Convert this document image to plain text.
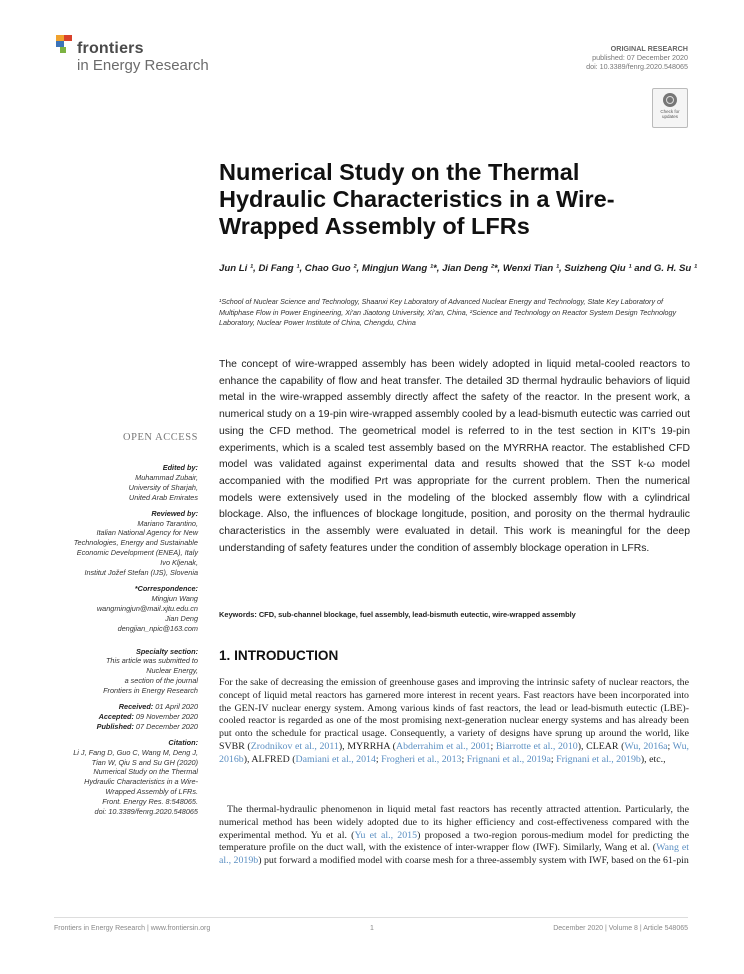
frontiers
in Energy Research
ORIGINAL RESEARCH
published: 07 December 2020
doi: 10.3389/fenrg.2020.548065
Check for updates
Numerical Study on the Thermal Hydraulic Characteristics in a Wire-Wrapped Assembly of LFRs
Jun Li ¹, Di Fang ¹, Chao Guo ², Mingjun Wang ¹*, Jian Deng ²*, Wenxi Tian ¹, Suizheng Qiu ¹ and G. H. Su ¹
¹School of Nuclear Science and Technology, Shaanxi Key Laboratory of Advanced Nuclear Energy and Technology, State Key Laboratory of Multiphase Flow in Power Engineering, Xi'an Jiaotong University, Xi'an, China, ²Science and Technology on Reactor System Design Technology Laboratory, Nuclear Power Institute of China, Chengdu, China
The concept of wire-wrapped assembly has been widely adopted in liquid metal-cooled reactors to enhance the capability of flow and heat transfer. The detailed 3D thermal hydraulic behaviors of liquid metal in the wire-wrapped assembly directly affect the safety of the reactor. In the present work, a numerical study on a 19-pin wire-wrapped assembly cooled by a lead-bismuth eutectic was carried out using the CFD method. The geometrical model is referred to in the test section in KIT's 19-pin experiments, which is a scaled test assembly based on the MYRRHA reactor. The established CFD model was validated against experimental data and results showed that the SST k-ω model accompanied with the modified Prt was appropriate for the current problem. Then the numerical models were extensively used in the modeling of the blocked assembly flow with a cylindrical blockage. Also, the influences of blockage longitude, position, and porosity on the thermal hydraulic characteristics in the assembly were evaluated in detail. This work is meaningful for the deep understanding of safety features under the condition of assembly blockage operation in LFRs.
Keywords: CFD, sub-channel blockage, fuel assembly, lead-bismuth eutectic, wire-wrapped assembly
1. INTRODUCTION
For the sake of decreasing the emission of greenhouse gases and improving the intrinsic safety of nuclear reactors, the concept of liquid metal reactors has garnered more interest in recent years. Fast reactors have been incorporated into the GEN-IV nuclear energy system. Among various kinds of fast reactors, the lead or lead-bismuth eutectic (LBE)-cooled reactor is regarded as one of the most promising next-generation nuclear energy systems and has already been put onto the schedule for practical usage. Consequently, a variety of designs have sprung up around the world, like SVBR (Zrodnikov et al., 2011), MYRRHA (Abderrahim et al., 2001; Biarrotte et al., 2010), CLEAR (Wu, 2016a; Wu, 2016b), ALFRED (Damiani et al., 2014; Frogheri et al., 2013; Frignani et al., 2019a; Frignani et al., 2019b), etc.,
The thermal-hydraulic phenomenon in liquid metal fast reactors has recently attracted attention. Particularly, the numerical method has been widely adopted due to its higher efficiency and cost-effectiveness compared with the experimental method. Yu et al. (Yu et al., 2015) proposed a two-region porous-medium model for predicting the temperature profile on the duct wall, with the existence of inter-wrapper flow (IWF). Similarly, Wang et al. (Wang et al., 2019b) put forward a modified model with coarse mesh for a three-assembly system with IWF, based on the 61-pin
OPEN ACCESS
Edited by:
Muhammad Zubair,
University of Sharjah,
United Arab Emirates
Reviewed by:
Mariano Tarantino,
Italian National Agency for New
Technologies, Energy and Sustainable
Economic Development (ENEA), Italy
Ivo Kljenak,
Institut Jožef Stefan (IJS), Slovenia
*Correspondence:
Mingjun Wang
wangmingjun@mail.xjtu.edu.cn
Jian Deng
dengjian_npic@163.com
Specialty section:
This article was submitted to
Nuclear Energy,
a section of the journal
Frontiers in Energy Research
Received: 01 April 2020
Accepted: 09 November 2020
Published: 07 December 2020
Citation:
Li J, Fang D, Guo C, Wang M, Deng J,
Tian W, Qiu S and Su GH (2020)
Numerical Study on the Thermal
Hydraulic Characteristics in a Wire-
Wrapped Assembly of LFRs.
Front. Energy Res. 8:548065.
doi: 10.3389/fenrg.2020.548065
Frontiers in Energy Research | www.frontiersin.org	1	December 2020 | Volume 8 | Article 548065
